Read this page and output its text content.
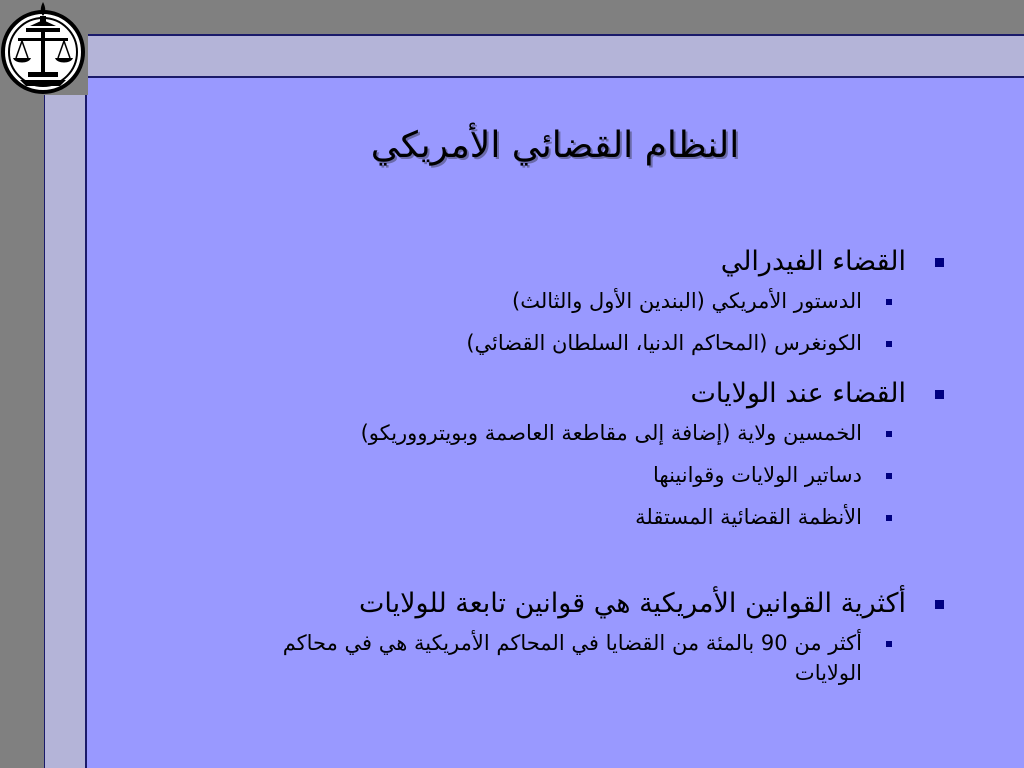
النظام القضائي الأمريكي
القضاء الفيدرالي
الدستور الأمريكي (البندين الأول والثالث)
الكونغرس (المحاكم الدنيا، السلطان القضائي)
القضاء عند الولايات
الخمسين ولاية (إضافة إلى مقاطعة العاصمة وبويترووريكو)
دساتير الولايات وقوانينها
الأنظمة القضائية المستقلة
أكثرية القوانين الأمريكية هي قوانين تابعة للولايات
أكثر من 90 بالمئة من القضايا في المحاكم الأمريكية هي في محاكم الولايات
